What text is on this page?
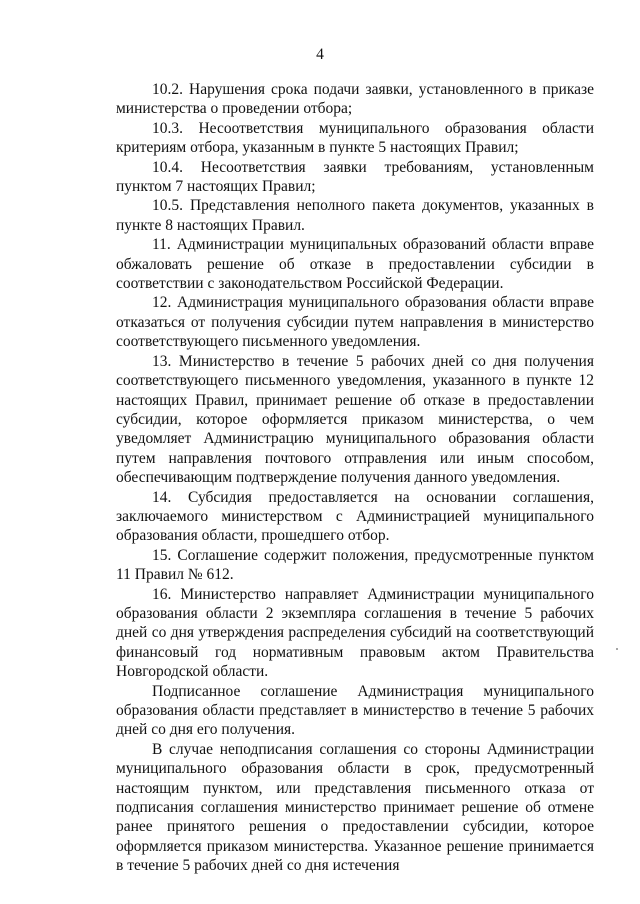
4

10.2. Нарушения срока подачи заявки, установленного в приказе министерства о проведении отбора;

10.3. Несоответствия муниципального образования области критериям отбора, указанным в пункте 5 настоящих Правил;

10.4. Несоответствия заявки требованиям, установленным пунктом 7 настоящих Правил;

10.5. Представления неполного пакета документов, указанных в пункте 8 настоящих Правил.

11. Администрации муниципальных образований области вправе обжаловать решение об отказе в предоставлении субсидии в соответствии с законодательством Российской Федерации.

12. Администрация муниципального образования области вправе отказаться от получения субсидии путем направления в министерство соответствующего письменного уведомления.

13. Министерство в течение 5 рабочих дней со дня получения соответствующего письменного уведомления, указанного в пункте 12 настоящих Правил, принимает решение об отказе в предоставлении субсидии, которое оформляется приказом министерства, о чем уведомляет Администрацию муниципального образования области путем направления почтового отправления или иным способом, обеспечивающим подтверждение получения данного уведомления.

14. Субсидия предоставляется на основании соглашения, заключаемого министерством с Администрацией муниципального образования области, прошедшего отбор.

15. Соглашение содержит положения, предусмотренные пунктом 11 Правил № 612.

16. Министерство направляет Администрации муниципального образования области 2 экземпляра соглашения в течение 5 рабочих дней со дня утверждения распределения субсидий на соответствующий финансовый год нормативным правовым актом Правительства Новгородской области.

Подписанное соглашение Администрация муниципального образования области представляет в министерство в течение 5 рабочих дней со дня его получения.

В случае неподписания соглашения со стороны Администрации муниципального образования области в срок, предусмотренный настоящим пунктом, или представления письменного отказа от подписания соглашения министерство принимает решение об отмене ранее принятого решения о предоставлении субсидии, которое оформляется приказом министерства. Указанное решение принимается в течение 5 рабочих дней со дня истечения
